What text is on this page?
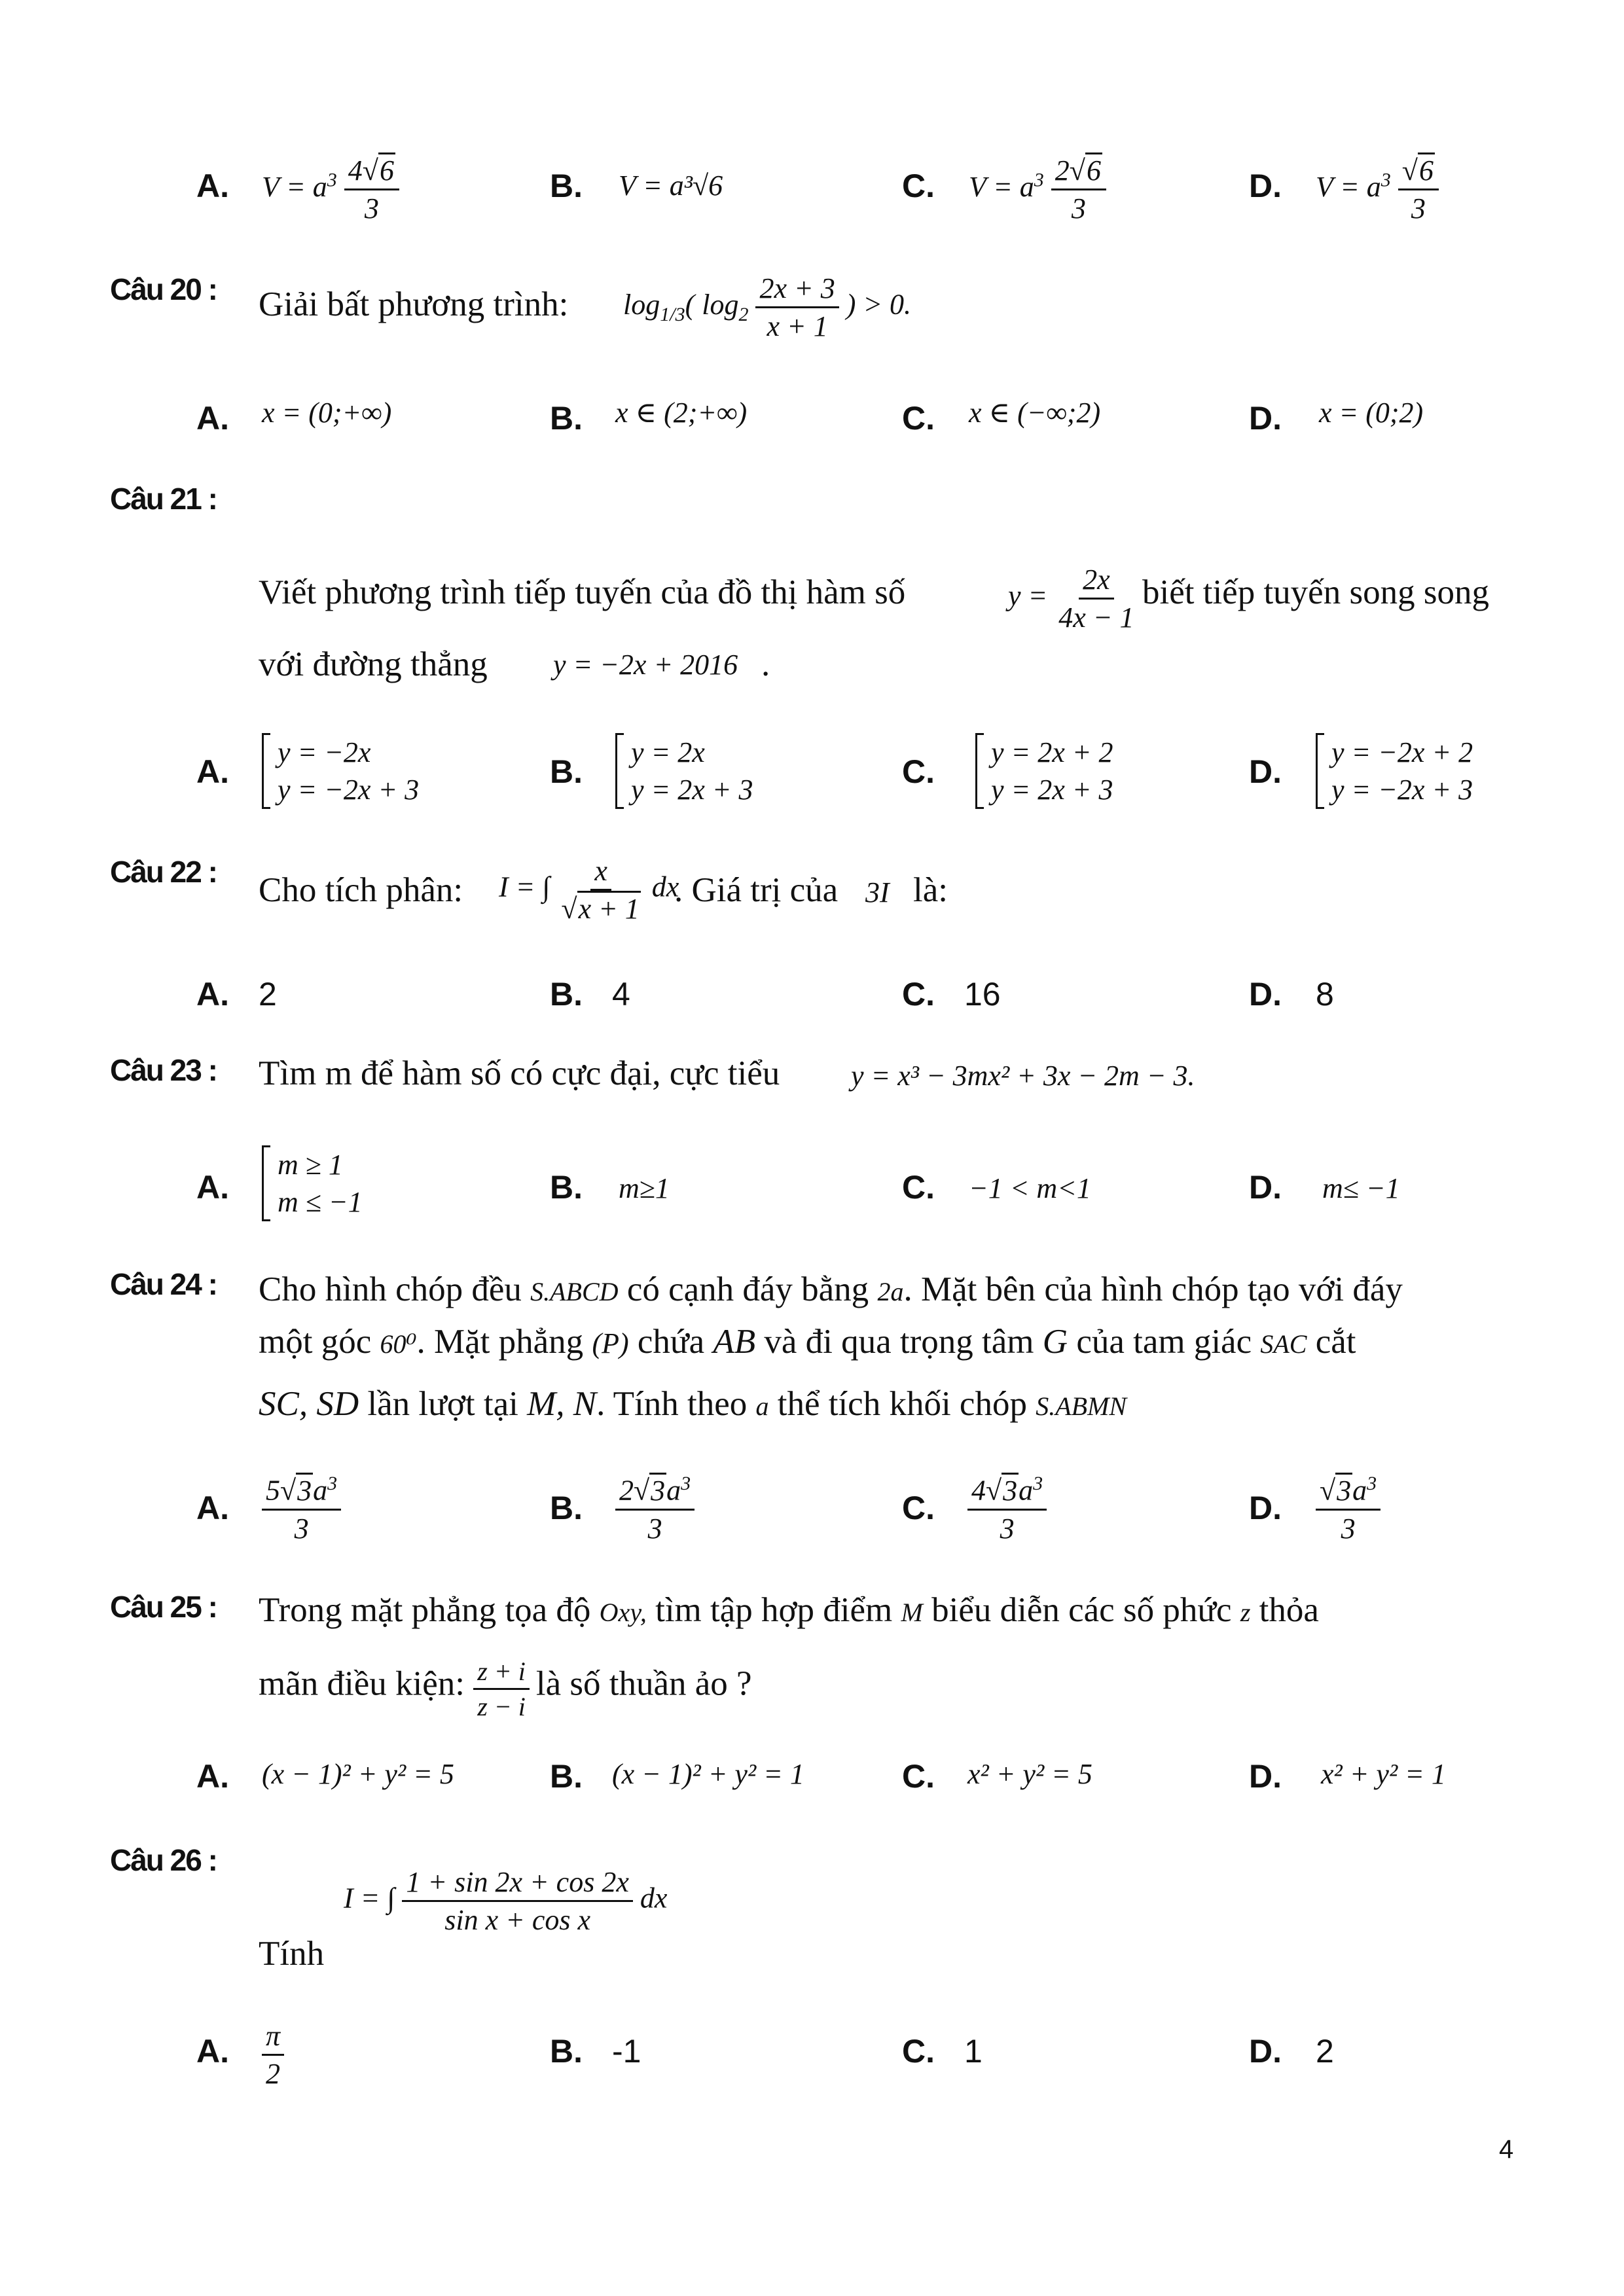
A. $V = a^3 \frac{4√6}{3}$	B. V = a³√6	C. $V = a^3 \frac{2√6}{3}$	D. $V = a^3 \frac{√6}{3}$
Câu 20 : Giải bất phương trình: $\log_{1/3}$( $\log_2 \frac{2x + 3}{x + 1}$ ) > 0.
A. x = (0;+∞)	B. x ∈ (2;+∞)	C. x ∈ (−∞;2)	D. x = (0;2)
Câu 21 :
Viết phương trình tiếp tuyến của đồ thị hàm số	$y = \frac{2x}{4x - 1}$ biết tiếp tuyến song song
với đường thẳng y = −2x + 2016 .
A.

y = −2x
y = −2x + 3	B.

y = 2x
y = 2x + 3	C.

y = 2x + 2
y = 2x + 3	D.

y = −2x + 2
y = −2x + 3
Câu 22 : Cho tích phân: I = ∫ $\frac{x}{√x + 1}$ dx
. Giá trị của 3I là:
A. 2	B. 4	C. 16	D. 8
Câu 23 : Tìm m để hàm số có cực đại, cực tiểu y = x³ − 3mx² + 3x − 2m − 3.
A.

m ≥ 1
m ≤ −1	B. m≥1	C. −1 < m<1	D. m≤ −1
Câu 24 : Cho hình chóp đều S.ABCD có cạnh đáy bằng 2a. Mặt bên của hình chóp tạo với đáy
một góc 60⁰. Mặt phẳng (P) chứa AB và đi qua trọng tâm G của tam giác SAC cắt
SC, SD lần lượt tại M, N. Tính theo a thể tích khối chóp S.ABMN
A. $\frac{5√3a^3}{3}$	B. $\frac{2√3a^3}{3}$	C. $\frac{4√3a^3}{3}$	D. $\frac{√3a^3}{3}$
Câu 25 : Trong mặt phẳng tọa độ Oxy, tìm tập hợp điểm M biểu diễn các số phức z thỏa
mãn điều kiện: $\frac{z + i}{z - i}$ là số thuần ảo ?
A. (x − 1)² + y² = 5	B. (x − 1)² + y² = 1	C. x² + y² = 5	D. x² + y² = 1
Câu 26 :
Tính
I = ∫ $\frac{1 + \sin 2x + \cos 2x}{\text{sin x + cos x}}$ dx
A. $\frac{\pi}{2}$	B. -1	C. 1	D. 2
4
